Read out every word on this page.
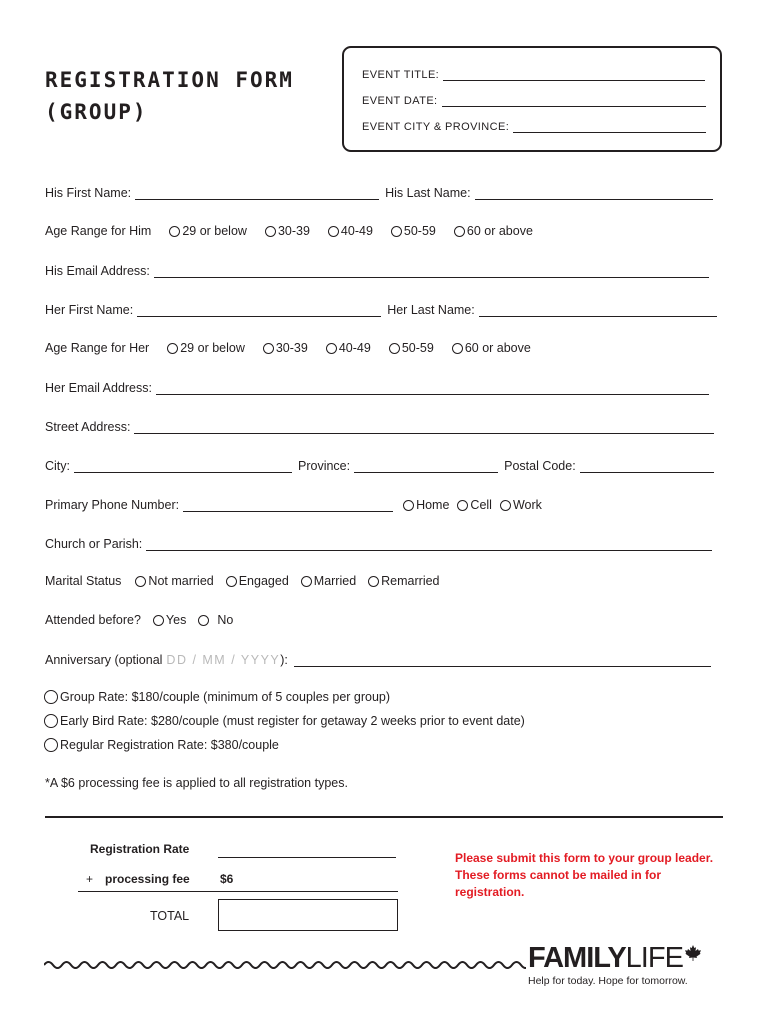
REGISTRATION FORM
(GROUP)
EVENT TITLE:
EVENT DATE:
EVENT CITY & PROVINCE:
His First Name:	His Last Name:
Age Range for Him 29 or below 30-39 40-49 50-59 60 or above
His Email Address:
Her First Name:	Her Last Name:
Age Range for Her 29 or below 30-39 40-49 50-59 60 or above
Her Email Address:
Street Address:
City:	Province:	Postal Code:
Primary Phone Number:	Home Cell Work
Church or Parish:
Marital Status Not married Engaged Married Remarried
Attended before? Yes No
Anniversary (optional DD / MM / YYYY ):
Group Rate: $180/couple (minimum of 5 couples per group)
Early Bird Rate: $280/couple (must register for getaway 2 weeks prior to event date)
Regular Registration Rate: $380/couple
*A $6 processing fee is applied to all registration types.
Registration Rate
+ processing fee	$6
TOTAL
Please submit this form to your group leader. These forms cannot be mailed in for registration.
FAMILYLIFE
Help for today. Hope for tomorrow.
